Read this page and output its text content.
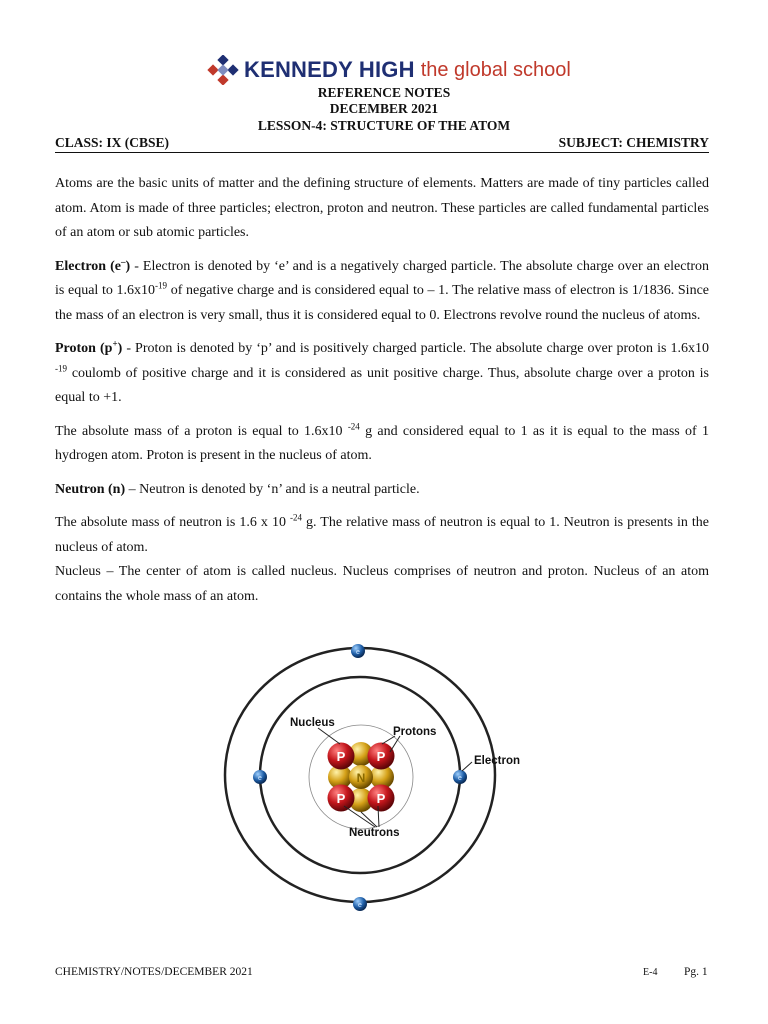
KENNEDY HIGH the global school
REFERENCE NOTES
DECEMBER 2021
LESSON-4: STRUCTURE OF THE ATOM
CLASS: IX (CBSE)	SUBJECT: CHEMISTRY

Atoms are the basic units of matter and the defining structure of elements. Matters are made of tiny particles called atom. Atom is made of three particles; electron, proton and neutron. These particles are called fundamental particles of an atom or sub atomic particles.

Electron (e–) - Electron is denoted by ‘e’ and is a negatively charged particle. The absolute charge over an electron is equal to $1.6x10^{-19}$ of negative charge and is considered equal to – 1. The relative mass of electron is 1/1836. Since the mass of an electron is very small, thus it is considered equal to 0. Electrons revolve round the nucleus of atoms.

Proton (p+) - Proton is denoted by ‘p’ and is positively charged particle. The absolute charge over proton is 1.6x10 $^{-19}$ coulomb of positive charge and it is considered as unit positive charge. Thus, absolute charge over a proton is equal to +1.

The absolute mass of a proton is equal to 1.6x10 $^{-24}$ g and considered equal to 1 as it is equal to the mass of 1 hydrogen atom. Proton is present in the nucleus of atom.

Neutron (n) – Neutron is denoted by ‘n’ and is a neutral particle.

The absolute mass of neutron is 1.6 x 10 $^{-24}$ g. The relative mass of neutron is equal to 1. Neutron is presents in the nucleus of atom.

Nucleus – The center of atom is called nucleus. Nucleus comprises of neutron and proton. Nucleus of an atom contains the whole mass of an atom.

P P
P P
N
e
e
e	e
Nucleus
Protons
Electron
Neutrons
CHEMISTRY/NOTES/DECEMBER 2021	E-4 Pg. 1
